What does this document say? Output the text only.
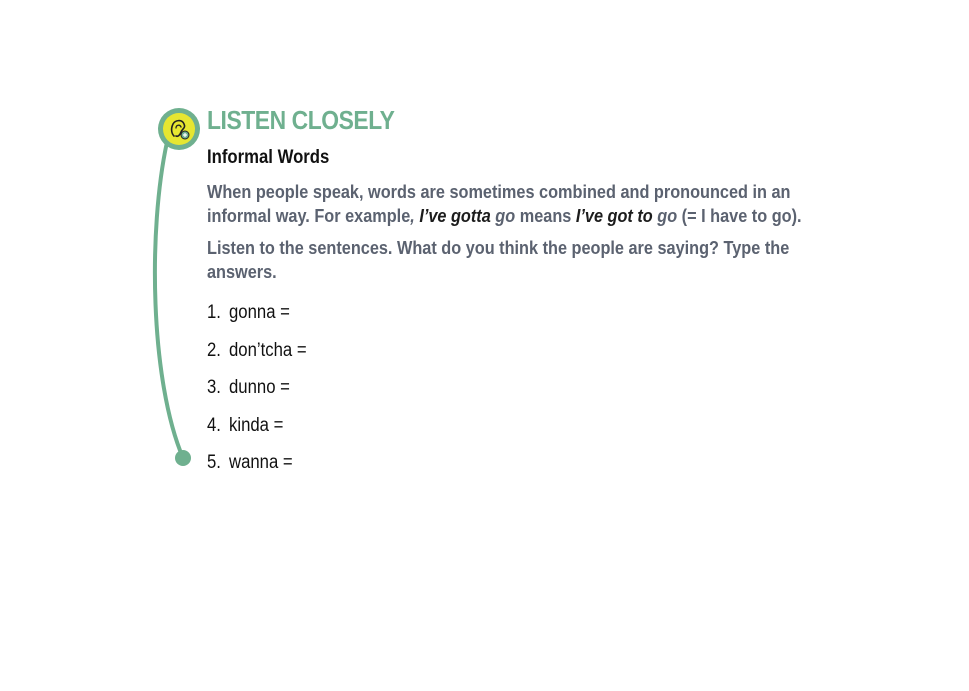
LISTEN CLOSELY
Informal Words

When people speak, words are sometimes combined and pronounced in an informal way. For example, I’ve gotta go means I’ve got to go (= I have to go).

Listen to the sentences. What do you think the people are saying? Type the answers.

1. gonna =
2. don’tcha =
3. dunno =
4. kinda =
5. wanna =
